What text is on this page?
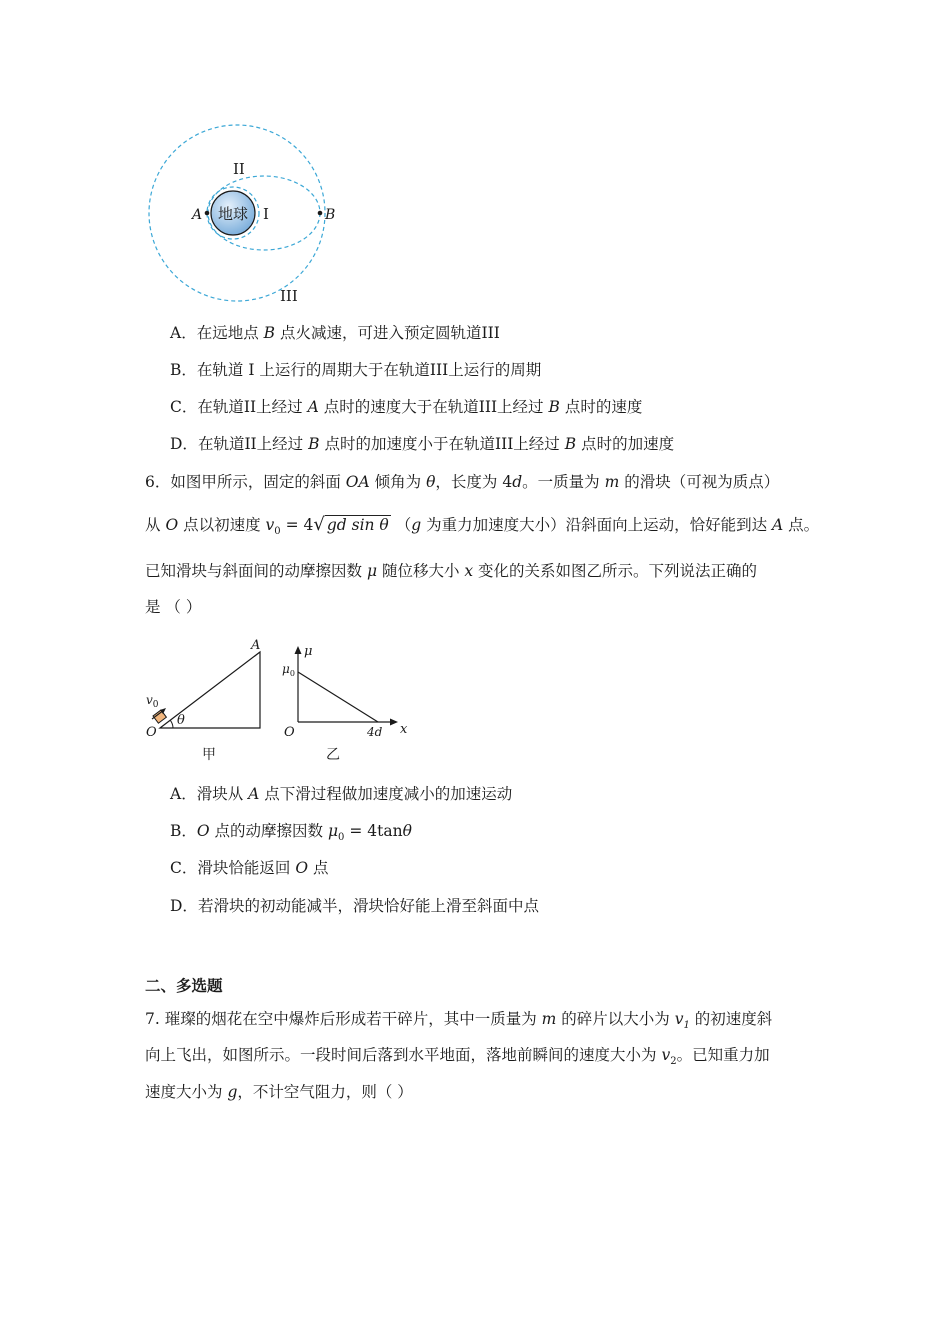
地球
A	B
I
II
III
A．在远地点 B 点火减速，可进入预定圆轨道III
B．在轨道 I 上运行的周期大于在轨道III上运行的周期
C．在轨道II上经过 A 点时的速度大于在轨道III上经过 B 点时的速度
D．在轨道II上经过 B 点时的加速度小于在轨道III上经过 B 点时的加速度
6．如图甲所示，固定的斜面 OA 倾角为 θ，长度为 4d。一质量为 m 的滑块（可视为质点）
从 O 点以初速度 $v_0 = 4√$ gd sin θ （g 为重力加速度大小）沿斜面向上运动，恰好能到达 A 点。
已知滑块与斜面间的动摩擦因数 μ 随位移大小 x 变化的关系如图乙所示。下列说法正确的
是 （ ）
A
O
$v_0$
θ
甲
μ
$\mu_0$
O	4d x
乙
A．滑块从 A 点下滑过程做加速度减小的加速运动
B．O 点的动摩擦因数 $\mu_0 = 4\tan\theta$
C．滑块恰能返回 O 点
D．若滑块的初动能减半，滑块恰好能上滑至斜面中点
二、多选题
7. 璀璨的烟花在空中爆炸后形成若干碎片，其中一质量为 m 的碎片以大小为 $v_1$ 的初速度斜
向上飞出，如图所示。一段时间后落到水平地面，落地前瞬间的速度大小为 $v_2$。已知重力加
速度大小为 g，不计空气阻力，则（ ）
